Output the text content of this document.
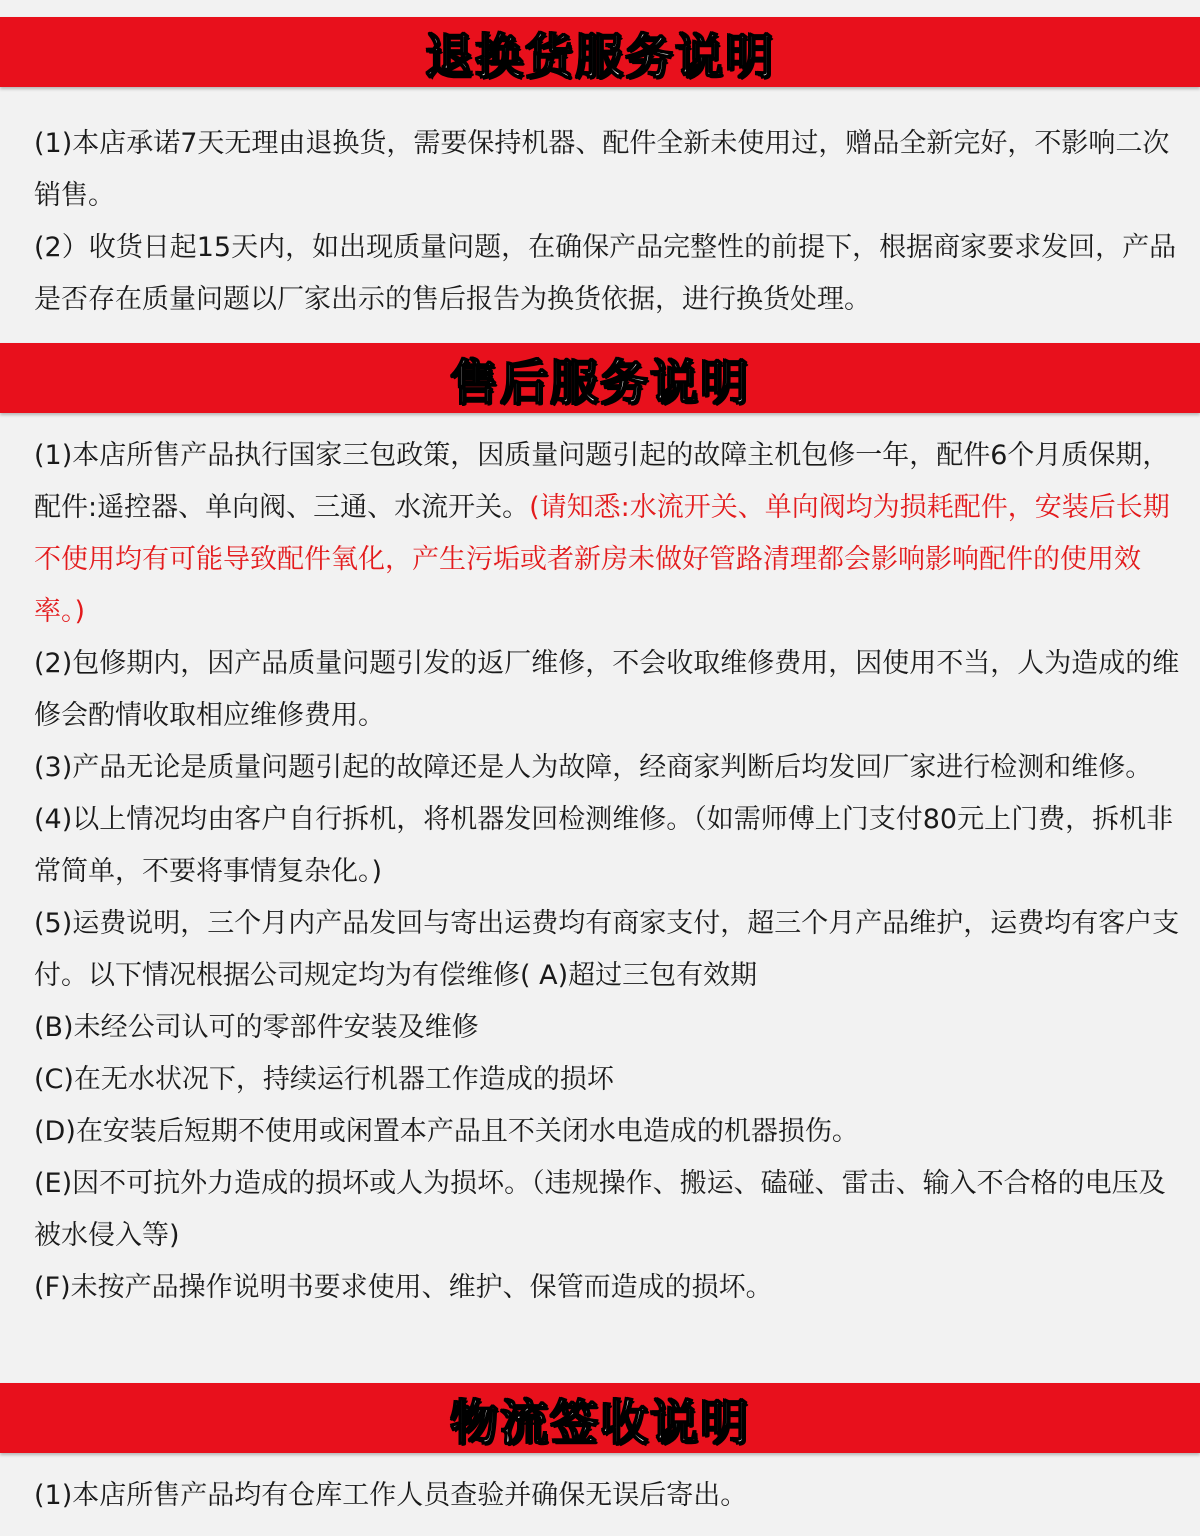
退换货服务说明

(1)本店承诺7天无理由退换货，需要保持机器、配件全新未使用过，赠品全新完好，不影响二次销售。

(2）收货日起15天内，如出现质量问题，在确保产品完整性的前提下，根据商家要求发回，产品是否存在质量问题以厂家出示的售后报告为换货依据，进行换货处理。

售后服务说明

(1)本店所售产品执行国家三包政策，因质量问题引起的故障主机包修一年，配件6个月质保期，配件:遥控器、单向阀、三通、水流开关。(请知悉:水流开关、单向阀均为损耗配件，安装后长期不使用均有可能导致配件氧化，产生污垢或者新房未做好管路清理都会影响影响配件的使用效率。)

(2)包修期内，因产品质量问题引发的返厂维修，不会收取维修费用，因使用不当，人为造成的维修会酌情收取相应维修费用。

(3)产品无论是质量问题引起的故障还是人为故障，经商家判断后均发回厂家进行检测和维修。

(4)以上情况均由客户自行拆机，将机器发回检测维修。（如需师傅上门支付80元上门费，拆机非常简单，不要将事情复杂化。)

(5)运费说明，三个月内产品发回与寄出运费均有商家支付，超三个月产品维护，运费均有客户支付。以下情况根据公司规定均为有偿维修( A)超过三包有效期

(B)未经公司认可的零部件安装及维修

(C)在无水状况下，持续运行机器工作造成的损坏

(D)在安装后短期不使用或闲置本产品且不关闭水电造成的机器损伤。

(E)因不可抗外力造成的损坏或人为损坏。（违规操作、搬运、磕碰、雷击、输入不合格的电压及被水侵入等)

(F)未按产品操作说明书要求使用、维护、保管而造成的损坏。

物流签收说明

(1)本店所售产品均有仓库工作人员查验并确保无误后寄出。
